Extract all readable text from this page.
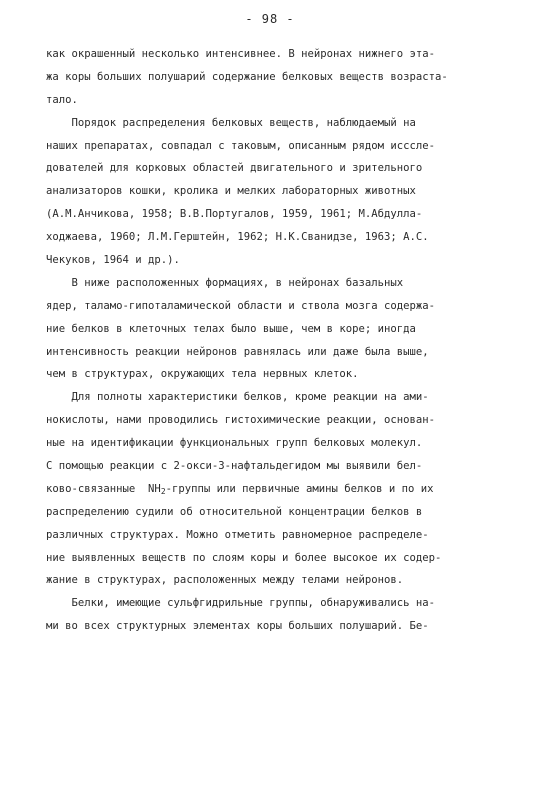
- 98 -
как окрашенный несколько интенсивнее. В нейронах нижнего эта-
жа коры больших полушарий содержание белковых веществ возраста-
тало.
Порядок распределения белковых веществ, наблюдаемый на
наших препаратах, совпадал с таковым, описанным рядом исссле-
дователей для корковых областей двигательного и зрительного
анализаторов кошки, кролика и мелких лабораторных животных
(А.М.Анчикова, 1958; В.В.Португалов, 1959, 1961; М.Абдулла-
ходжаева, 1960; Л.М.Герштейн, 1962; Н.К.Сванидзе, 1963; А.С.
Чекуков, 1964 и др.).
В ниже расположенных формациях, в нейронах базальных
ядер, таламо-гипоталамической области и ствола мозга содержа-
ние белков в клеточных телах было выше, чем в коре; иногда
интенсивность реакции нейронов равнялась или даже была выше,
чем в структурах, окружающих тела нервных клеток.
Для полноты характеристики белков, кроме реакции на ами-
нокислоты, нами проводились гистохимические реакции, основан-
ные на идентификации функциональных групп белковых молекул.
С помощью реакции с 2-окси-3-нафтальдегидом мы выявили бел-
ково-связанные  $NH_2$-группы или первичные амины белков и по их
распределению судили об относительной концентрации белков в
различных структурах. Можно отметить равномерное распределе-
ние выявленных веществ по слоям коры и более высокое их содер-
жание в структурах, расположенных между телами нейронов.
Белки, имеющие сульфгидрильные группы, обнаруживались на-
ми во всех структурных элементах коры больших полушарий. Бе-
